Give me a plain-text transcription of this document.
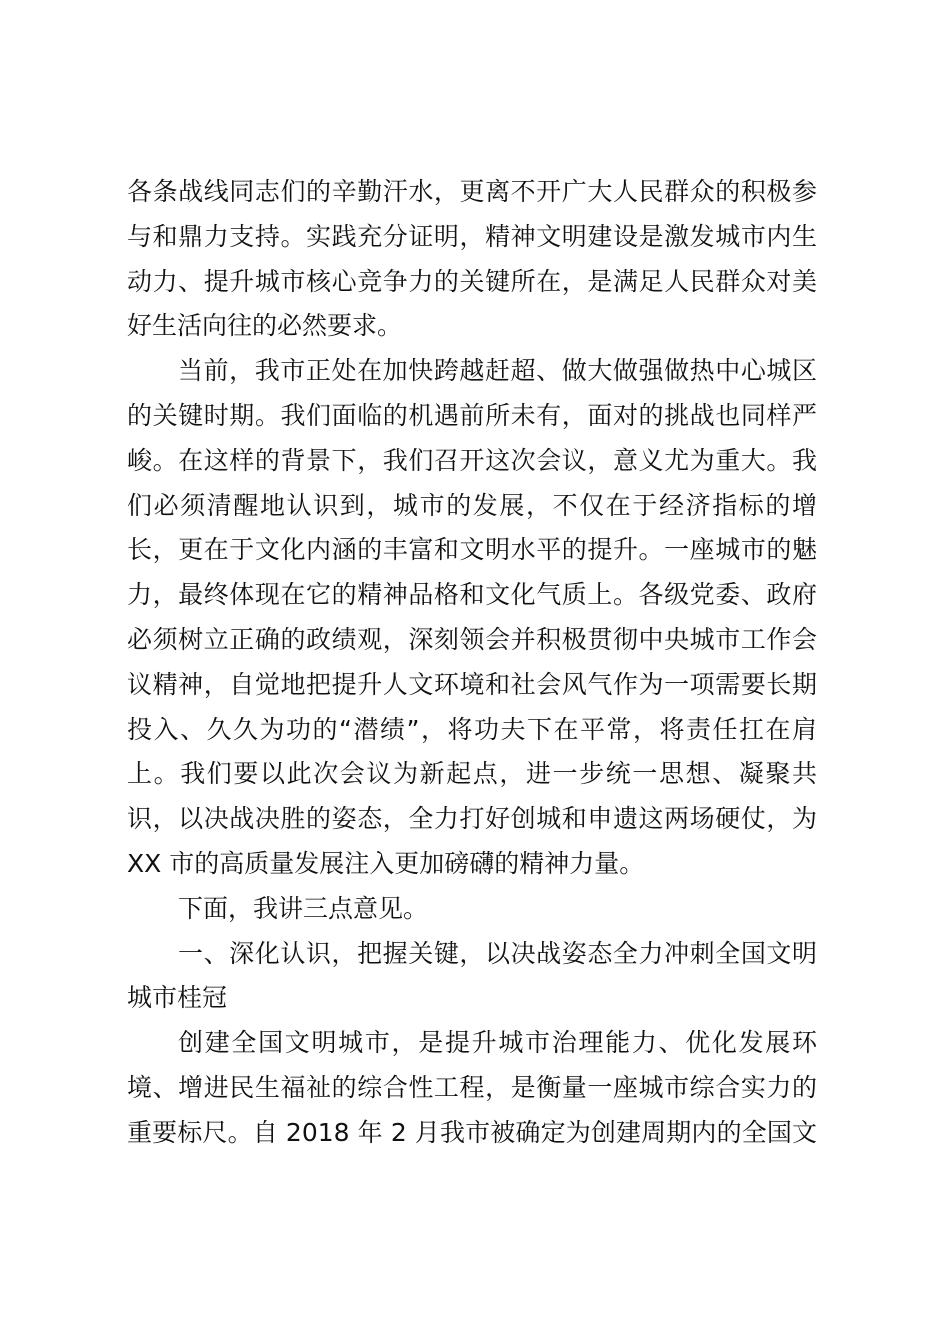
各条战线同志们的辛勤汗水，更离不开广大人民群众的积极参
与和鼎力支持。实践充分证明，精神文明建设是激发城市内生
动力、提升城市核心竞争力的关键所在，是满足人民群众对美
好生活向往的必然要求。
当前，我市正处在加快跨越赶超、做大做强做热中心城区
的关键时期。我们面临的机遇前所未有，面对的挑战也同样严
峻。在这样的背景下，我们召开这次会议，意义尤为重大。我
们必须清醒地认识到，城市的发展，不仅在于经济指标的增
长，更在于文化内涵的丰富和文明水平的提升。一座城市的魅
力，最终体现在它的精神品格和文化气质上。各级党委、政府
必须树立正确的政绩观，深刻领会并积极贯彻中央城市工作会
议精神，自觉地把提升人文环境和社会风气作为一项需要长期
投入、久久为功的“潜绩”，将功夫下在平常，将责任扛在肩
上。我们要以此次会议为新起点，进一步统一思想、凝聚共
识，以决战决胜的姿态，全力打好创城和申遗这两场硬仗，为
XX 市的高质量发展注入更加磅礴的精神力量。
下面，我讲三点意见。
一、深化认识，把握关键，以决战姿态全力冲刺全国文明
城市桂冠
创建全国文明城市，是提升城市治理能力、优化发展环
境、增进民生福祉的综合性工程，是衡量一座城市综合实力的
重要标尺。自 2018 年 2 月我市被确定为创建周期内的全国文
